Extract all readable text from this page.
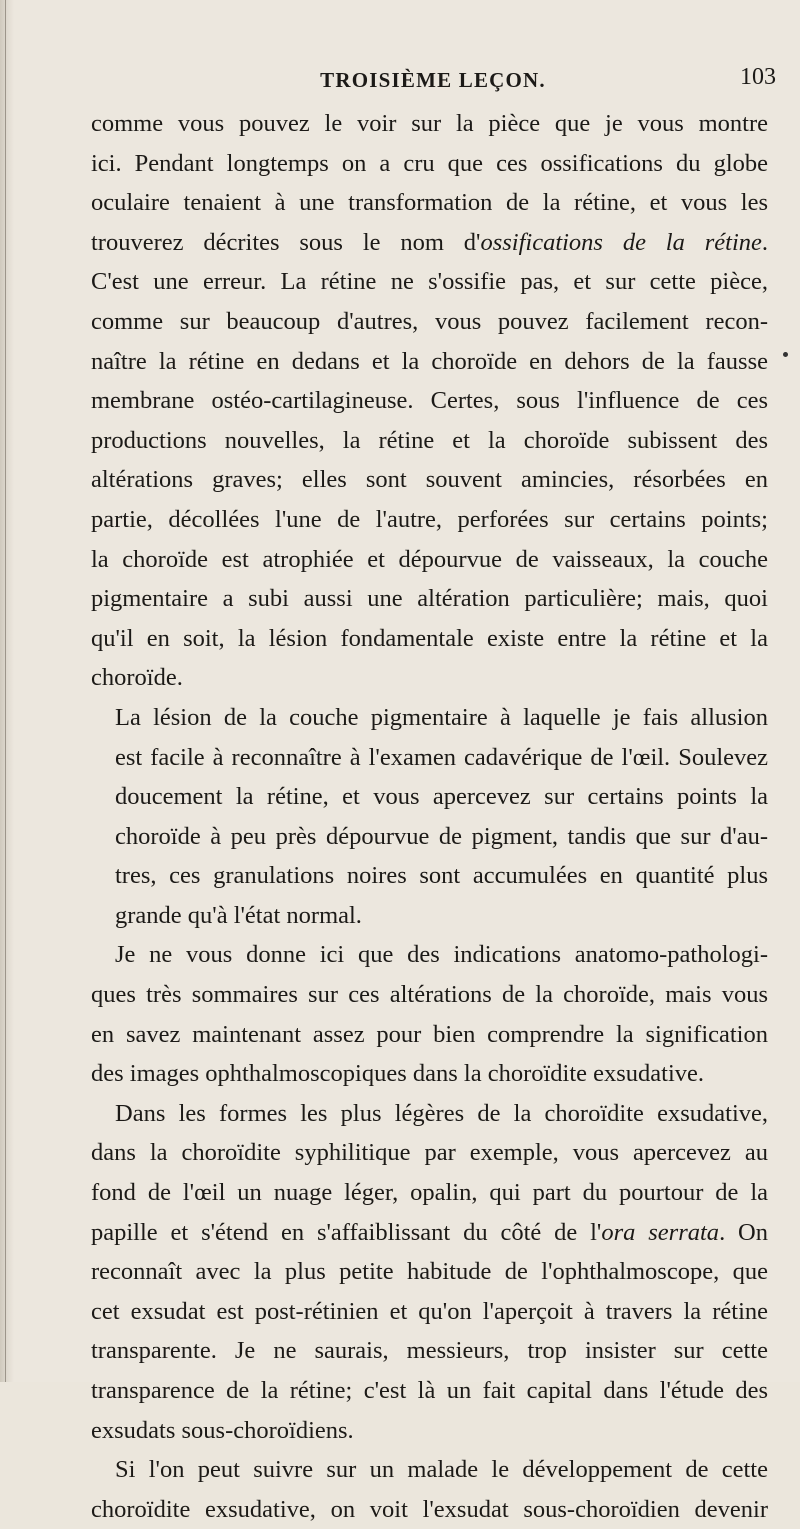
TROISIÈME LEÇON.	103

comme vous pouvez le voir sur la pièce que je vous montre
ici. Pendant longtemps on a cru que ces ossifications du globe
oculaire tenaient à une transformation de la rétine, et vous les
trouverez décrites sous le nom d'ossifications de la rétine.
C'est une erreur. La rétine ne s'ossifie pas, et sur cette pièce,
comme sur beaucoup d'autres, vous pouvez facilement recon-
naître la rétine en dedans et la choroïde en dehors de la fausse
membrane ostéo-cartilagineuse. Certes, sous l'influence de ces
productions nouvelles, la rétine et la choroïde subissent des
altérations graves; elles sont souvent amincies, résorbées en
partie, décollées l'une de l'autre, perforées sur certains points;
la choroïde est atrophiée et dépourvue de vaisseaux, la couche
pigmentaire a subi aussi une altération particulière; mais, quoi
qu'il en soit, la lésion fondamentale existe entre la rétine et la
choroïde.

La lésion de la couche pigmentaire à laquelle je fais allusion
est facile à reconnaître à l'examen cadavérique de l'œil. Soulevez
doucement la rétine, et vous apercevez sur certains points la
choroïde à peu près dépourvue de pigment, tandis que sur d'au-
tres, ces granulations noires sont accumulées en quantité plus
grande qu'à l'état normal.

Je ne vous donne ici que des indications anatomo-pathologi-
ques très sommaires sur ces altérations de la choroïde, mais vous
en savez maintenant assez pour bien comprendre la signification
des images ophthalmoscopiques dans la choroïdite exsudative.

Dans les formes les plus légères de la choroïdite exsudative,
dans la choroïdite syphilitique par exemple, vous apercevez au
fond de l'œil un nuage léger, opalin, qui part du pourtour de la
papille et s'étend en s'affaiblissant du côté de l'ora serrata. On
reconnaît avec la plus petite habitude de l'ophthalmoscope, que
cet exsudat est post-rétinien et qu'on l'aperçoit à travers la rétine
transparente. Je ne saurais, messieurs, trop insister sur cette
transparence de la rétine; c'est là un fait capital dans l'étude des
exsudats sous-choroïdiens.

Si l'on peut suivre sur un malade le développement de cette
choroïdite exsudative, on voit l'exsudat sous-choroïdien devenir
